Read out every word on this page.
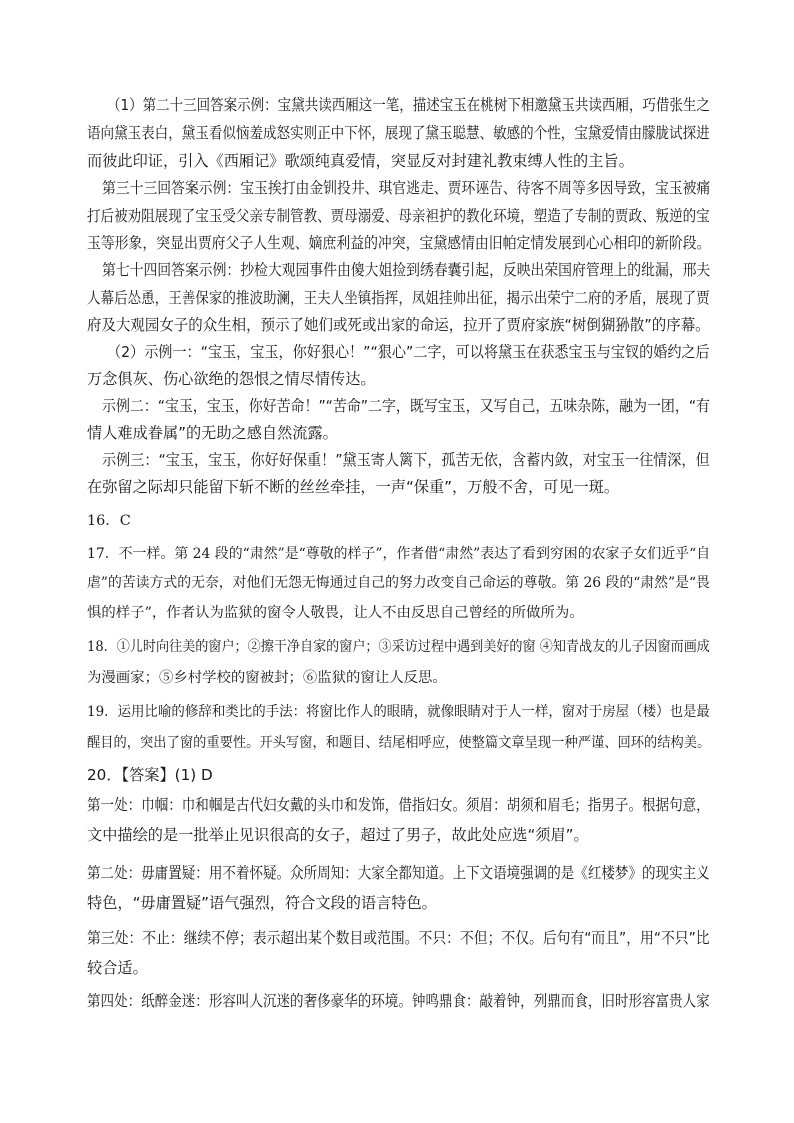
（1）第二十三回答案示例：宝黛共读西厢这一笔，描述宝玉在桃树下相邀黛玉共读西厢，巧借张生之
语向黛玉表白，黛玉看似恼羞成怒实则正中下怀，展现了黛玉聪慧、敏感的个性，宝黛爱情由朦胧试探进
而彼此印证，引入《西厢记》歌颂纯真爱情，突显反对封建礼教束缚人性的主旨。
第三十三回答案示例：宝玉挨打由金钏投井、琪官逃走、贾环诬告、待客不周等多因导致，宝玉被痛
打后被劝阻展现了宝玉受父亲专制管教、贾母溺爱、母亲袒护的教化环境，塑造了专制的贾政、叛逆的宝
玉等形象，突显出贾府父子人生观、嫡庶利益的冲突，宝黛感情由旧帕定情发展到心心相印的新阶段。
第七十四回答案示例：抄检大观园事件由傻大姐捡到绣春囊引起，反映出荣国府管理上的纰漏，邢夫
人幕后怂恿，王善保家的推波助澜，王夫人坐镇指挥，凤姐挂帅出征，揭示出荣宁二府的矛盾，展现了贾
府及大观园女子的众生相，预示了她们或死或出家的命运，拉开了贾府家族“树倒猢狲散”的序幕。
（2）示例一：“宝玉，宝玉，你好狠心！”“狠心”二字，可以将黛玉在获悉宝玉与宝钗的婚约之后
万念俱灰、伤心欲绝的怨恨之情尽情传达。
示例二：“宝玉，宝玉，你好苦命！”“苦命”二字，既写宝玉，又写自己，五味杂陈，融为一团，“有
情人难成眷属”的无助之感自然流露。
示例三：“宝玉，宝玉，你好好保重！”黛玉寄人篱下，孤苦无依，含蓄内敛，对宝玉一往情深，但
在弥留之际却只能留下斩不断的丝丝牵挂，一声“保重”，万般不舍，可见一斑。
16．C
17．不一样。第 24 段的“肃然”是“尊敬的样子”，作者借“肃然”表达了看到穷困的农家子女们近乎“自
虐”的苦读方式的无奈，对他们无怨无悔通过自己的努力改变自己命运的尊敬。第 26 段的“肃然”是“畏
惧的样子”，作者认为监狱的窗令人敬畏，让人不由反思自己曾经的所做所为。
18．①儿时向往美的窗户；②擦干净自家的窗户；③采访过程中遇到美好的窗 ④知青战友的儿子因窗而画成
为漫画家；⑤乡村学校的窗被封；⑥监狱的窗让人反思。
19．运用比喻的修辞和类比的手法：将窗比作人的眼睛，就像眼睛对于人一样，窗对于房屋（楼）也是最
醒目的，突出了窗的重要性。开头写窗，和题目、结尾相呼应，使整篇文章呈现一种严谨、回环的结构美。
20．【答案】(1) D
第一处：巾帼：巾和帼是古代妇女戴的头巾和发饰，借指妇女。须眉：胡须和眉毛；指男子。根据句意，
文中描绘的是一批举止见识很高的女子，超过了男子，故此处应选“须眉”。
第二处：毋庸置疑：用不着怀疑。众所周知：大家全都知道。上下文语境强调的是《红楼梦》的现实主义
特色，“毋庸置疑”语气强烈，符合文段的语言特色。
第三处：不止：继续不停；表示超出某个数目或范围。不只：不但；不仅。后句有“而且”，用“不只”比
较合适。
第四处：纸醉金迷：形容叫人沉迷的奢侈豪华的环境。钟鸣鼎食：敲着钟，列鼎而食，旧时形容富贵人家
